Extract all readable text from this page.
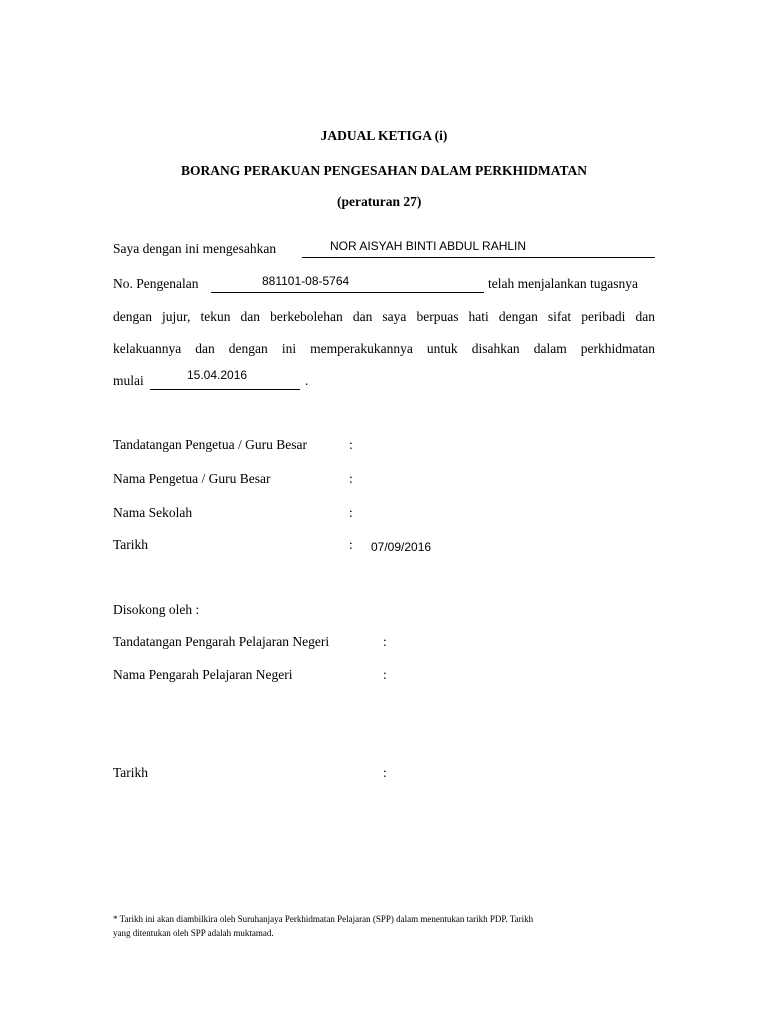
JADUAL KETIGA (i)
BORANG PERAKUAN PENGESAHAN DALAM PERKHIDMATAN
(peraturan 27)
Saya dengan ini mengesahkan	NOR AISYAH BINTI ABDUL RAHLIN
No. Pengenalan	881101-08-5764	telah menjalankan tugasnya
dengan jujur, tekun dan berkebolehan dan saya berpuas hati dengan sifat peribadi dan
kelakuannya dan dengan ini memperakukannya untuk disahkan dalam perkhidmatan
mulai	15.04.2016	.
Tandatangan Pengetua / Guru Besar	:
Nama Pengetua / Guru Besar	:
Nama Sekolah	:
Tarikh	: 07/09/2016
Disokong oleh :
Tandatangan Pengarah Pelajaran Negeri	:
Nama Pengarah Pelajaran Negeri	:
Tarikh	:
* Tarikh ini akan diambilkira oleh Suruhanjaya Perkhidmatan Pelajaran (SPP) dalam menentukan tarikh PDP. Tarikh
yang ditentukan oleh SPP adalah muktamad.
